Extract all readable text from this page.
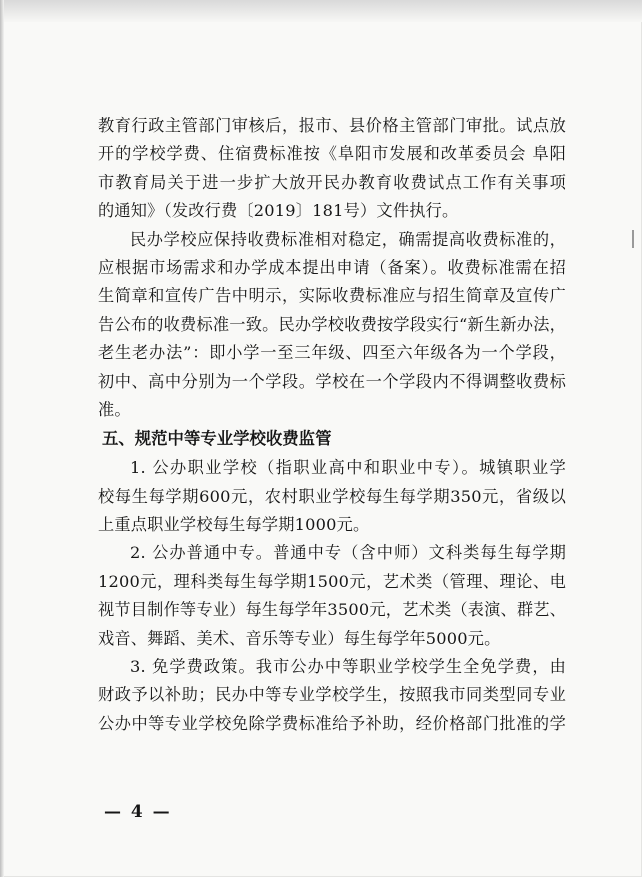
教育行政主管部门审核后，报市、县价格主管部门审批。试点放
开的学校学费、住宿费标准按《阜阳市发展和改革委员会 阜阳
市教育局关于进一步扩大放开民办教育收费试点工作有关事项
的通知》（发改行费〔2019〕181号）文件执行。
民办学校应保持收费标准相对稳定，确需提高收费标准的，
应根据市场需求和办学成本提出申请（备案）。收费标准需在招
生简章和宣传广告中明示，实际收费标准应与招生简章及宣传广
告公布的收费标准一致。民办学校收费按学段实行“新生新办法，
老生老办法”：即小学一至三年级、四至六年级各为一个学段，
初中、高中分别为一个学段。学校在一个学段内不得调整收费标
准。
五、规范中等专业学校收费监管
1. 公办职业学校（指职业高中和职业中专）。城镇职业学
校每生每学期600元，农村职业学校每生每学期350元，省级以
上重点职业学校每生每学期1000元。
2. 公办普通中专。普通中专（含中师）文科类每生每学期
1200元，理科类每生每学期1500元，艺术类（管理、理论、电
视节目制作等专业）每生每学年3500元，艺术类（表演、群艺、
戏音、舞蹈、美术、音乐等专业）每生每学年5000元。
3. 免学费政策。我市公办中等职业学校学生全免学费，由
财政予以补助；民办中等专业学校学生，按照我市同类型同专业
公办中等专业学校免除学费标准给予补助，经价格部门批准的学
— 4 —
